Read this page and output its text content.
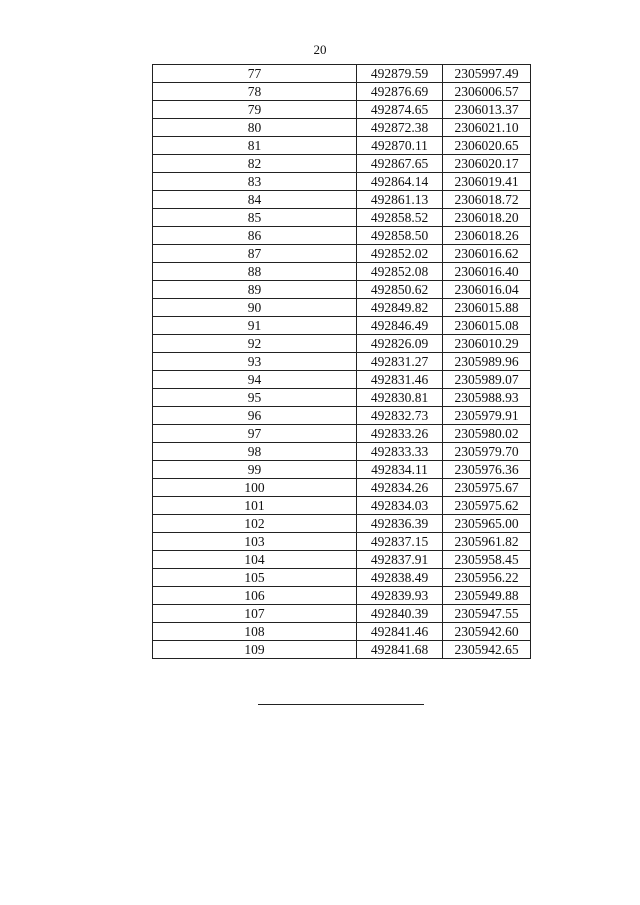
20
77	492879.59	2305997.49
78	492876.69	2306006.57
79	492874.65	2306013.37
80	492872.38	2306021.10
81	492870.11	2306020.65
82	492867.65	2306020.17
83	492864.14	2306019.41
84	492861.13	2306018.72
85	492858.52	2306018.20
86	492858.50	2306018.26
87	492852.02	2306016.62
88	492852.08	2306016.40
89	492850.62	2306016.04
90	492849.82	2306015.88
91	492846.49	2306015.08
92	492826.09	2306010.29
93	492831.27	2305989.96
94	492831.46	2305989.07
95	492830.81	2305988.93
96	492832.73	2305979.91
97	492833.26	2305980.02
98	492833.33	2305979.70
99	492834.11	2305976.36
100	492834.26	2305975.67
101	492834.03	2305975.62
102	492836.39	2305965.00
103	492837.15	2305961.82
104	492837.91	2305958.45
105	492838.49	2305956.22
106	492839.93	2305949.88
107	492840.39	2305947.55
108	492841.46	2305942.60
109	492841.68	2305942.65
